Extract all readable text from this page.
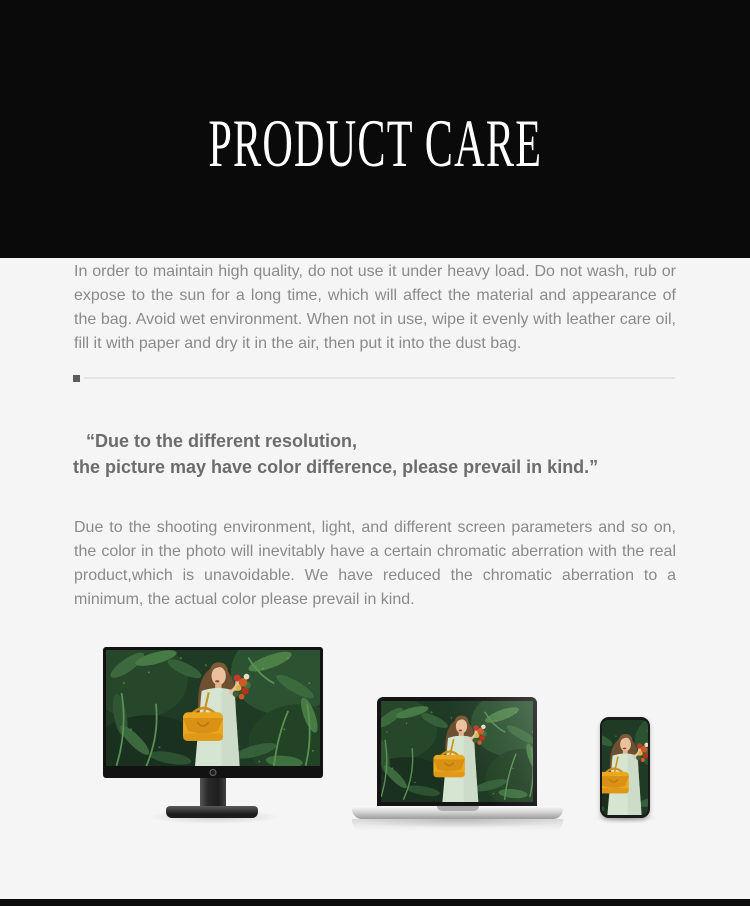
PRODUCT CARE

In order to maintain high quality, do not use it under heavy load. Do not wash, rub or expose to the sun for a long time, which will affect the material and appearance of the bag. Avoid wet environment. When not in use, wipe it evenly with leather care oil, fill it with paper and dry it in the air, then put it into the dust bag.

“Due to the different resolution,
the picture may have color difference, please prevail in kind.”

Due to the shooting environment, light, and different screen parameters and so on, the color in the photo will inevitably have a certain chromatic aberration with the real product,which is unavoidable. We have reduced the chromatic aberration to a minimum, the actual color please prevail in kind.
